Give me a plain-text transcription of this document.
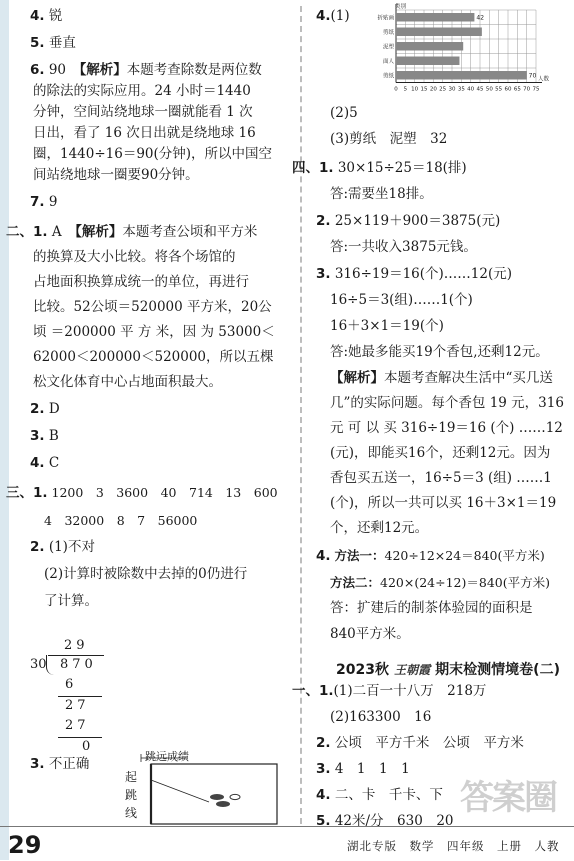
4. 锐
5. 垂直
6. 90　 【解析】本题考查除数是两位数
的除法的实际应用。24 小时＝1440
分钟，空间站绕地球一圈就能看 1 次
日出，看了 16 次日出就是绕地球 16
圈，1440÷16＝90(分钟)，所以中国空
间站绕地球一圈要90分钟。
7. 9
二、1. A　 【解析】本题考查公顷和平方米
的换算及大小比较。将各个场馆的
占地面积换算成统一的单位，再进行
比较。52公顷＝520000 平方米，20公
顷 ＝200000 平 方 米，因 为 53000＜
62000＜200000＜520000，所以五棵
松文化体育中心占地面积最大。
2. D
3. B
4. C
三、1. 1200　3　3600　40　714　13　600
4　32000　8　7　56000
2. (1)不对
(2)计算时被除数中去掉的0仍进行
了计算。
29
30 870
6
27
27
0
3. 不正确	跳远成绩
起
跳
线
4.(1)
0 5 10 15 20 25 30 35 40 45 50 55 60 65 70 75
类别
人数
折贴画	42
剪纸
泥塑
面人
剪纸	70
(2)5
(3)剪纸　泥塑　32
四、1. 30×15÷25＝18(排)
答:需要坐18排。
2. 25×119＋900＝3875(元)
答:一共收入3875元钱。
3. 316÷19＝16(个)……12(元)
16÷5＝3(组)……1(个)
16＋3×1＝19(个)
答:她最多能买19个香包,还剩12元。
【解析】本题考查解决生活中“买几送
几”的实际问题。每个香包 19 元，316
元 可 以 买 316÷19＝16 (个) ……12
(元)，即能买16个，还剩12元。因为
香包买五送一，16÷5＝3 (组) ……1
(个)，所以一共可以买 16＋3×1＝19
个，还剩12元。
4. 方法一：420÷12×24＝840(平方米)
方法二：420×(24÷12)＝840(平方米)
答：扩建后的制茶体验园的面积是
840平方米。
2023秋 王朝霞 期末检测情境卷(二)
一、1.(1)二百一十八万　218万
(2)163300　16
2. 公顷　平方千米　公顷　平方米
3. 4　1　1　1
4. 二、卡　千卡、下
5. 42米/分　630　20
答案圈
29	湖北专版　数学　四年级　上册　人教
